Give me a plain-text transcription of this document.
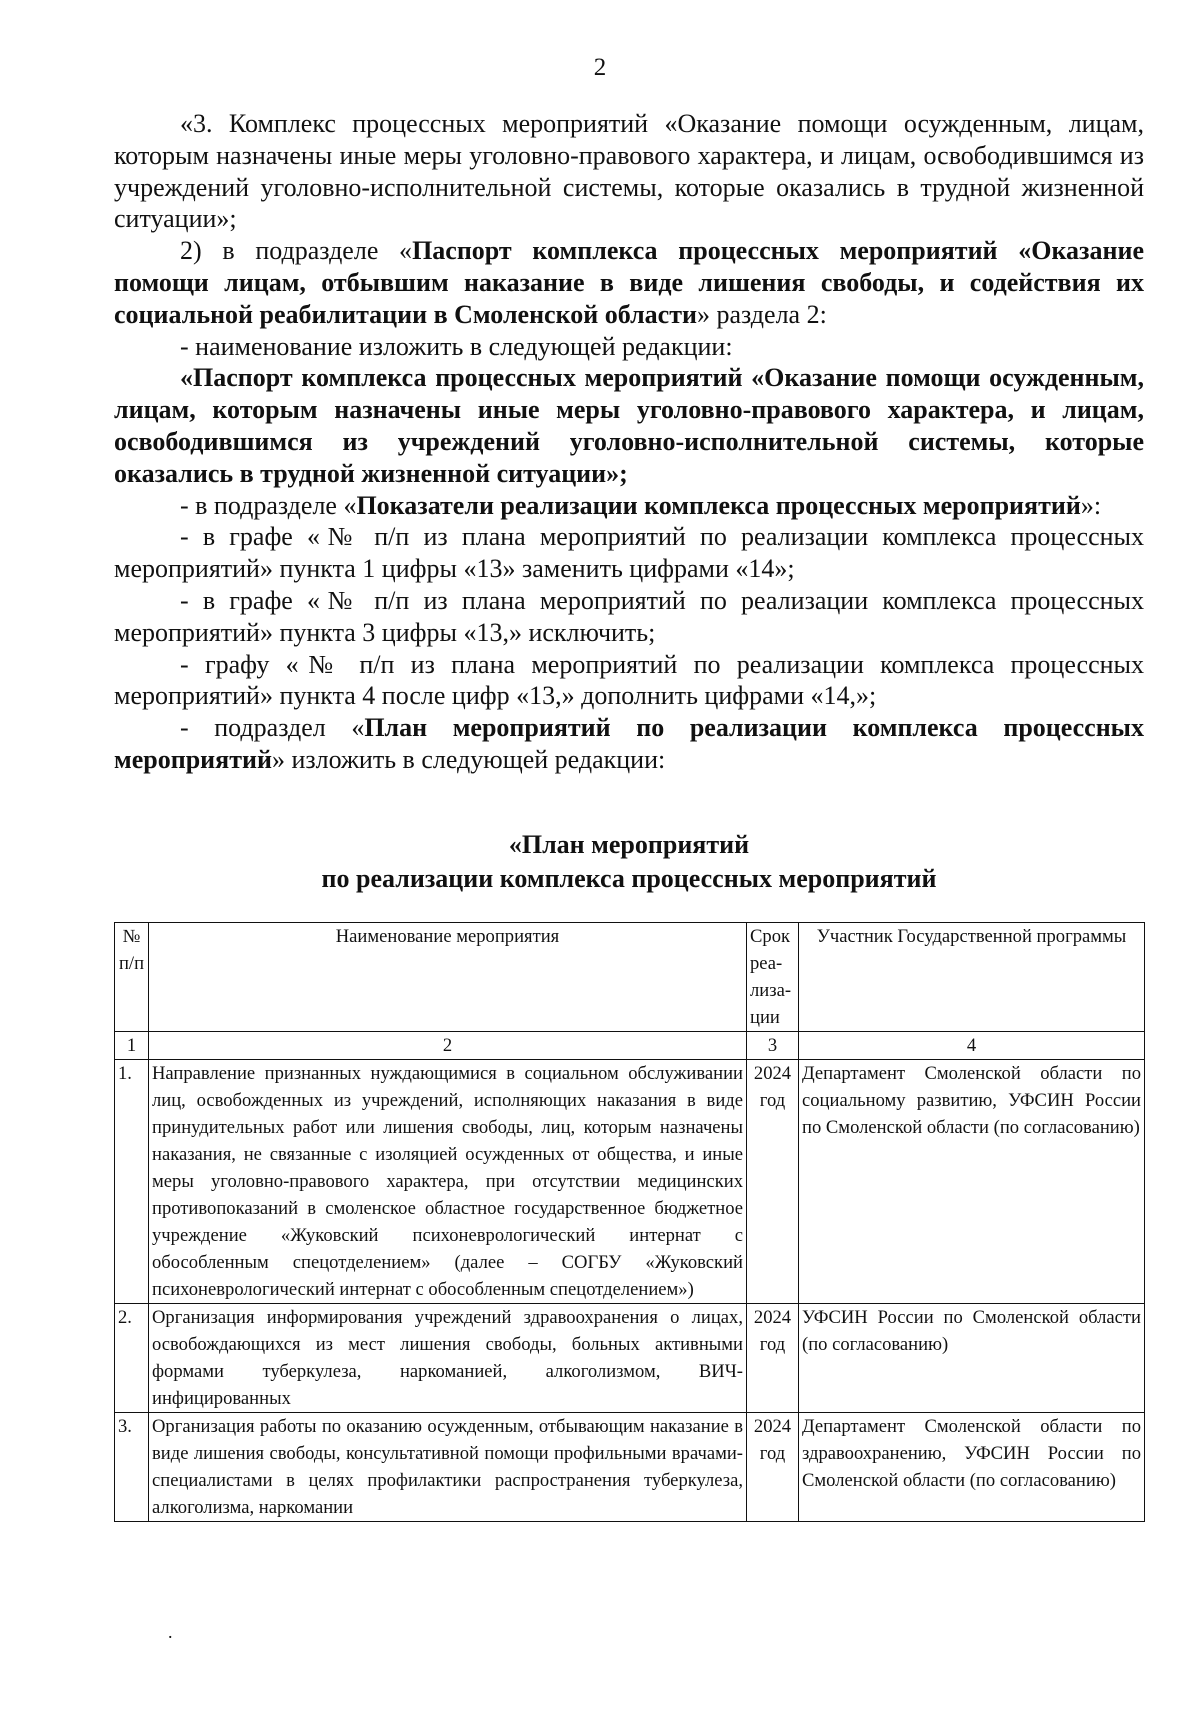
2

«3. Комплекс процессных мероприятий «Оказание помощи осужденным, лицам, которым назначены иные меры уголовно-правового характера, и лицам, освободившимся из учреждений уголовно-исполнительной системы, которые оказались в трудной жизненной ситуации»;

2) в подразделе «Паспорт комплекса процессных мероприятий «Оказание помощи лицам, отбывшим наказание в виде лишения свободы, и содействия их социальной реабилитации в Смоленской области» раздела 2:

- наименование изложить в следующей редакции:

«Паспорт комплекса процессных мероприятий «Оказание помощи осужденным, лицам, которым назначены иные меры уголовно-правового характера, и лицам, освободившимся из учреждений уголовно-исполнительной системы, которые оказались в трудной жизненной ситуации»;

- в подразделе «Показатели реализации комплекса процессных мероприятий»:

- в графе «№ п/п из плана мероприятий по реализации комплекса процессных мероприятий» пункта 1 цифры «13» заменить цифрами «14»;

- в графе «№ п/п из плана мероприятий по реализации комплекса процессных мероприятий» пункта 3 цифры «13,» исключить;

- графу «№ п/п из плана мероприятий по реализации комплекса процессных мероприятий» пункта 4 после цифр «13,» дополнить цифрами «14,»;

- подраздел «План мероприятий по реализации комплекса процессных мероприятий» изложить в следующей редакции:

«План мероприятий
по реализации комплекса процессных мероприятий
№ п/п	Наименование мероприятия	Срок реа-лиза-ции	Участник Государственной программы
1	2	3	4
1.	Направление признанных нуждающимися в социальном обслуживании лиц, освобожденных из учреждений, исполняющих наказания в виде принудительных работ или лишения свободы, лиц, которым назначены наказания, не связанные с изоляцией осужденных от общества, и иные меры уголовно-правового характера, при отсутствии медицинских противопоказаний в смоленское областное государственное бюджетное учреждение «Жуковский психоневрологический интернат с обособленным спецотделением» (далее – СОГБУ «Жуковский психоневрологический интернат с обособленным спецотделением»)	2024 год	Департамент Смоленской области по социальному развитию, УФСИН России по Смоленской области (по согласованию)
2.	Организация информирования учреждений здравоохранения о лицах, освобождающихся из мест лишения свободы, больных активными формами туберкулеза, наркоманией, алкоголизмом, ВИЧ-инфицированных	2024 год	УФСИН России по Смоленской области (по согласованию)
3.	Организация работы по оказанию осужденным, отбывающим наказание в виде лишения свободы, консультативной помощи профильными врачами-специалистами в целях профилактики распространения туберкулеза, алкоголизма, наркомании	2024 год	Департамент Смоленской области по здравоохранению, УФСИН России по Смоленской области (по согласованию)
.
